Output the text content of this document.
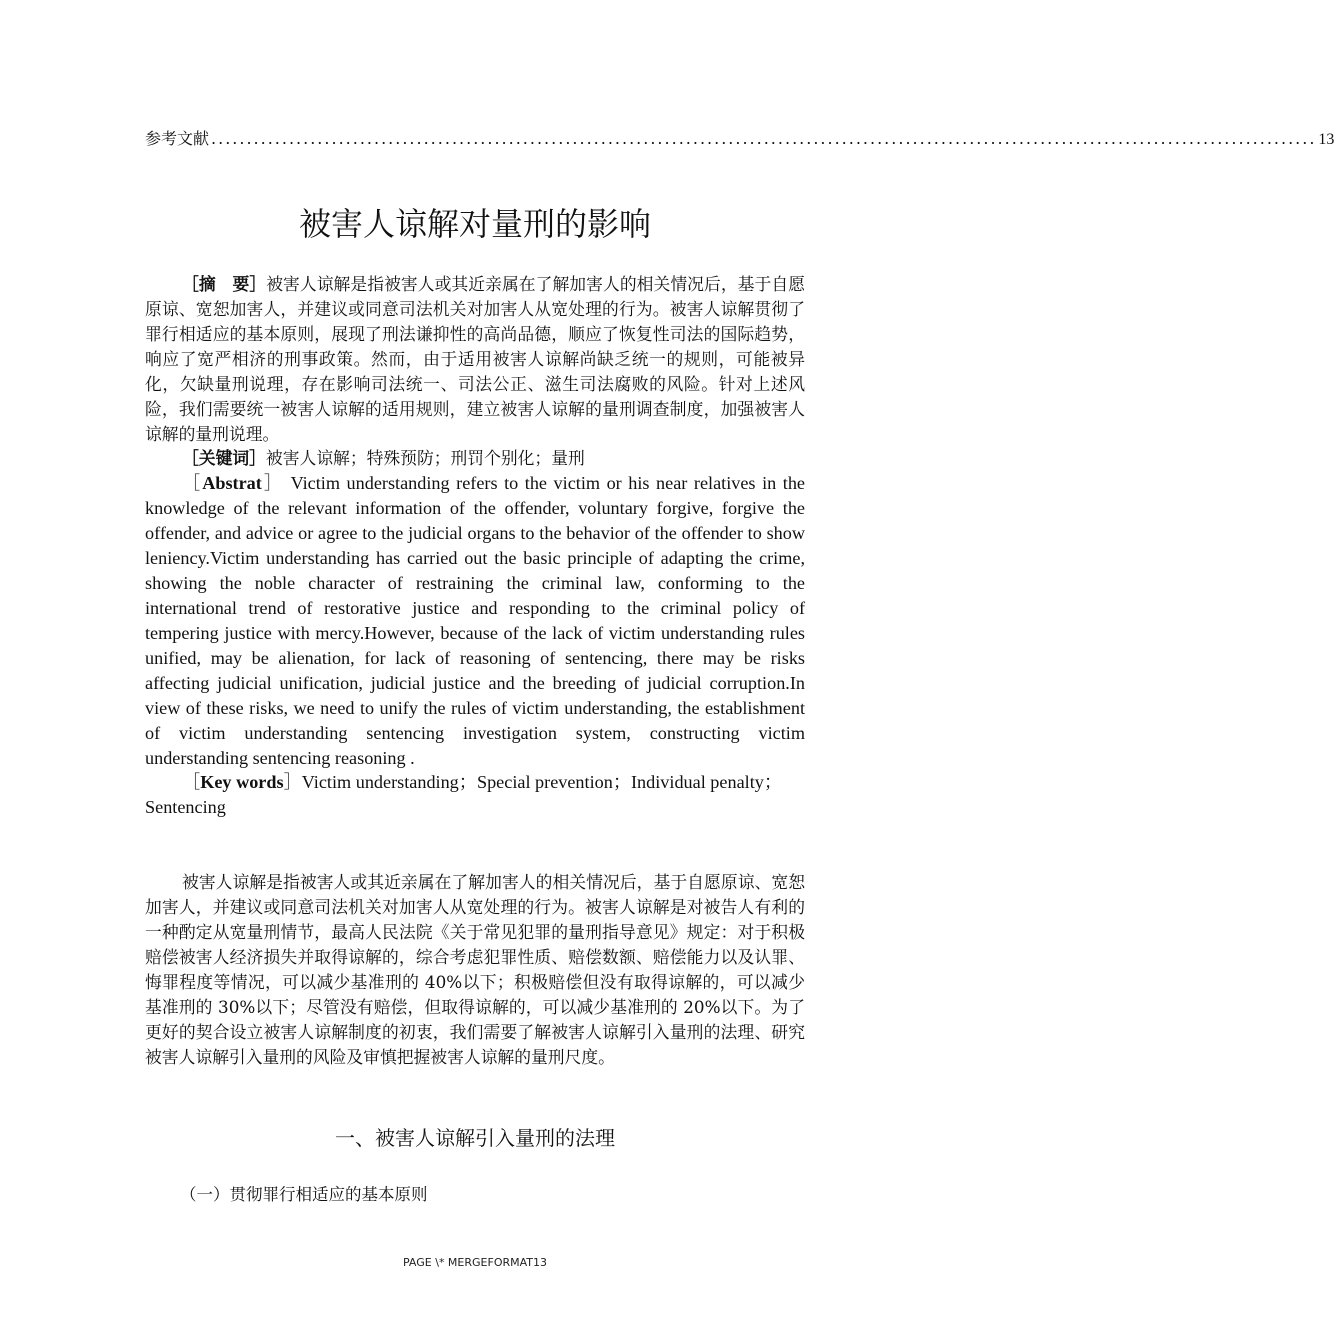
参考文献 ............................................................................................................................................................ 13
被害人谅解对量刑的影响
［摘　要］被害人谅解是指被害人或其近亲属在了解加害人的相关情况后，基于自愿原谅、宽恕加害人，并建议或同意司法机关对加害人从宽处理的行为。被害人谅解贯彻了罪行相适应的基本原则，展现了刑法谦抑性的高尚品德，顺应了恢复性司法的国际趋势，响应了宽严相济的刑事政策。然而，由于适用被害人谅解尚缺乏统一的规则，可能被异化，欠缺量刑说理，存在影响司法统一、司法公正、滋生司法腐败的风险。针对上述风险，我们需要统一被害人谅解的适用规则，建立被害人谅解的量刑调查制度，加强被害人谅解的量刑说理。
［关键词］被害人谅解；特殊预防；刑罚个别化；量刑
［Abstrat］ Victim understanding refers to the victim or his near relatives in the knowledge of the relevant information of the offender, voluntary forgive, forgive the offender, and advice or agree to the judicial organs to the behavior of the offender to show leniency.Victim understanding has carried out the basic principle of adapting the crime, showing the noble character of restraining the criminal law, conforming to the international trend of restorative justice and responding to the criminal policy of tempering justice with mercy.However, because of the lack of victim understanding rules unified, may be alienation, for lack of reasoning of sentencing, there may be risks affecting judicial unification, judicial justice and the breeding of judicial corruption.In view of these risks, we need to unify the rules of victim understanding, the establishment of victim understanding sentencing investigation system, constructing victim understanding sentencing reasoning .
［Key words］Victim understanding；Special prevention；Individual penalty；Sentencing
被害人谅解是指被害人或其近亲属在了解加害人的相关情况后，基于自愿原谅、宽恕加害人，并建议或同意司法机关对加害人从宽处理的行为。被害人谅解是对被告人有利的一种酌定从宽量刑情节，最高人民法院《关于常见犯罪的量刑指导意见》规定：对于积极赔偿被害人经济损失并取得谅解的，综合考虑犯罪性质、赔偿数额、赔偿能力以及认罪、悔罪程度等情况，可以减少基准刑的 40%以下；积极赔偿但没有取得谅解的，可以减少基准刑的 30%以下；尽管没有赔偿，但取得谅解的，可以减少基准刑的 20%以下。为了更好的契合设立被害人谅解制度的初衷，我们需要了解被害人谅解引入量刑的法理、研究被害人谅解引入量刑的风险及审慎把握被害人谅解的量刑尺度。
一、被害人谅解引入量刑的法理
（一）贯彻罪行相适应的基本原则
PAGE \* MERGEFORMAT13
